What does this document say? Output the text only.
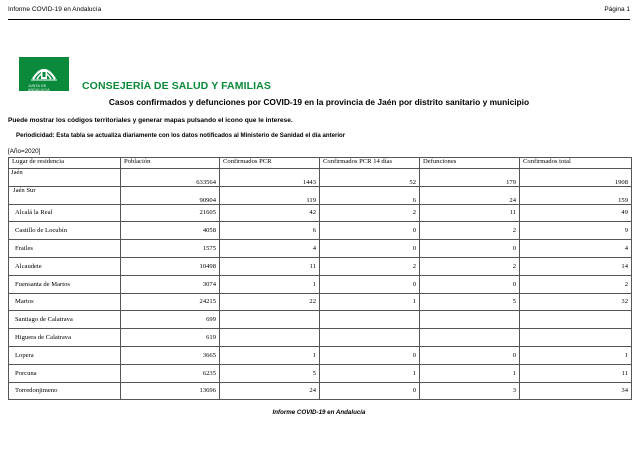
Informe COVID-19 en Andalucía	Página 1
JUNTA DE ANDALUCIA	CONSEJERÍA DE SALUD Y FAMILIAS
Casos confirmados y defunciones por COVID-19 en la provincia de Jaén por distrito sanitario y municipio
Puede mostrar los códigos territoriales y generar mapas pulsando el icono que le interese.
Periodicidad: Esta tabla se actualiza diariamente con los datos notificados al Ministerio de Sanidad el día anterior
[Año=2020]
Lugar de residencia	Población	Confirmados PCR	Confirmados PCR 14 días	Defunciones	Confirmados total
Jaén	633564	1443	52	179	1908
Jaén Sur	90904	119	6	24	159
Alcalá la Real	21605	42	2	11	49
Castillo de Locubín	4058	6	0	2	9
Frailes	1575	4	0	0	4
Alcaudete	10498	11	2	2	14
Fuensanta de Martos	3074	1	0	0	2
Martos	24215	22	1	5	32
Santiago de Calatrava	699				
Higuera de Calatrava	619				
Lopera	3665	1	0	0	1
Porcuna	6235	5	1	1	11
Torredonjimeno	13696	24	0	3	34
Informe COVID-19 en Andalucía
